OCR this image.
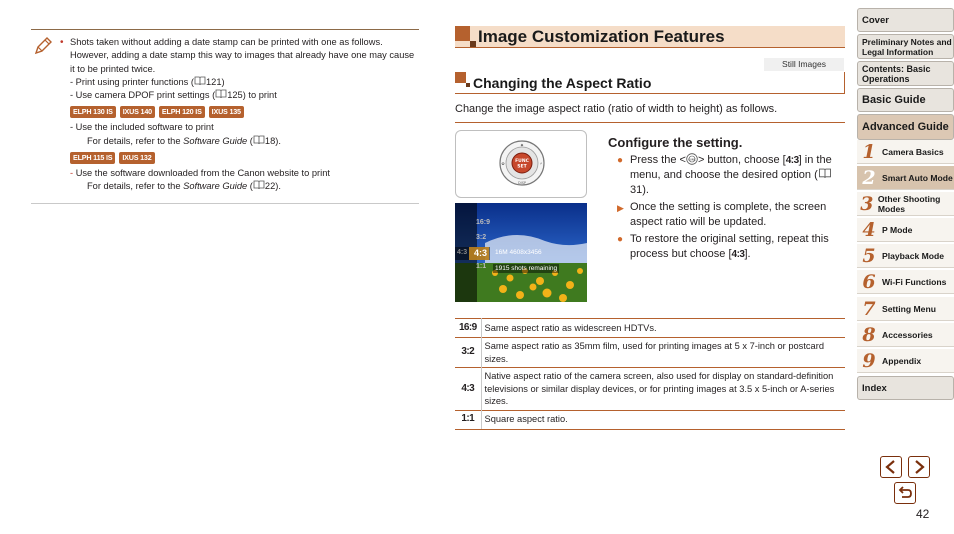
• Shots taken without adding a date stamp can be printed with one as follows. However, adding a date stamp this way to images that already have one may cause it to be printed twice.
- Print using printer functions ( 121)
- Use camera DPOF print settings ( 125) to print
ELPH 130 IS IXUS 140 ELPH 120 IS IXUS 135
- Use the included software to print
For details, refer to the Software Guide ( 18).
ELPH 115 IS IXUS 132
- Use the software downloaded from the Canon website to print
For details, refer to the Software Guide ( 22).
Image Customization Features
Still Images
Changing the Aspect Ratio
Change the image aspect ratio (ratio of width to height) as follows.
FUNC
SET
◆
DISP
✿	⚡
16:9
3:2
4:3 4:3
1:1
16M 4608x3456
1915 shots remaining
Configure the setting.
● Press the < FUNC > button, choose [4:3] in the menu, and choose the desired option (31).
▶ Once the setting is complete, the screen aspect ratio will be updated.
● To restore the original setting, repeat this process but choose [4:3].
16:9	Same aspect ratio as widescreen HDTVs.
3:2	Same aspect ratio as 35mm film, used for printing images at 5 x 7-inch or postcard sizes.
4:3	Native aspect ratio of the camera screen, also used for display on standard-definition televisions or similar display devices, or for printing images at 3.5 x 5-inch or A-series sizes.
1:1	Square aspect ratio.
Cover
Preliminary Notes and Legal Information
Contents: Basic Operations
Basic Guide
Advanced Guide
1 Camera Basics
2 Smart Auto Mode
3 Other Shooting Modes
4 P Mode
5 Playback Mode
6 Wi-Fi Functions
7 Setting Menu
8 Accessories
9 Appendix
Index
42
